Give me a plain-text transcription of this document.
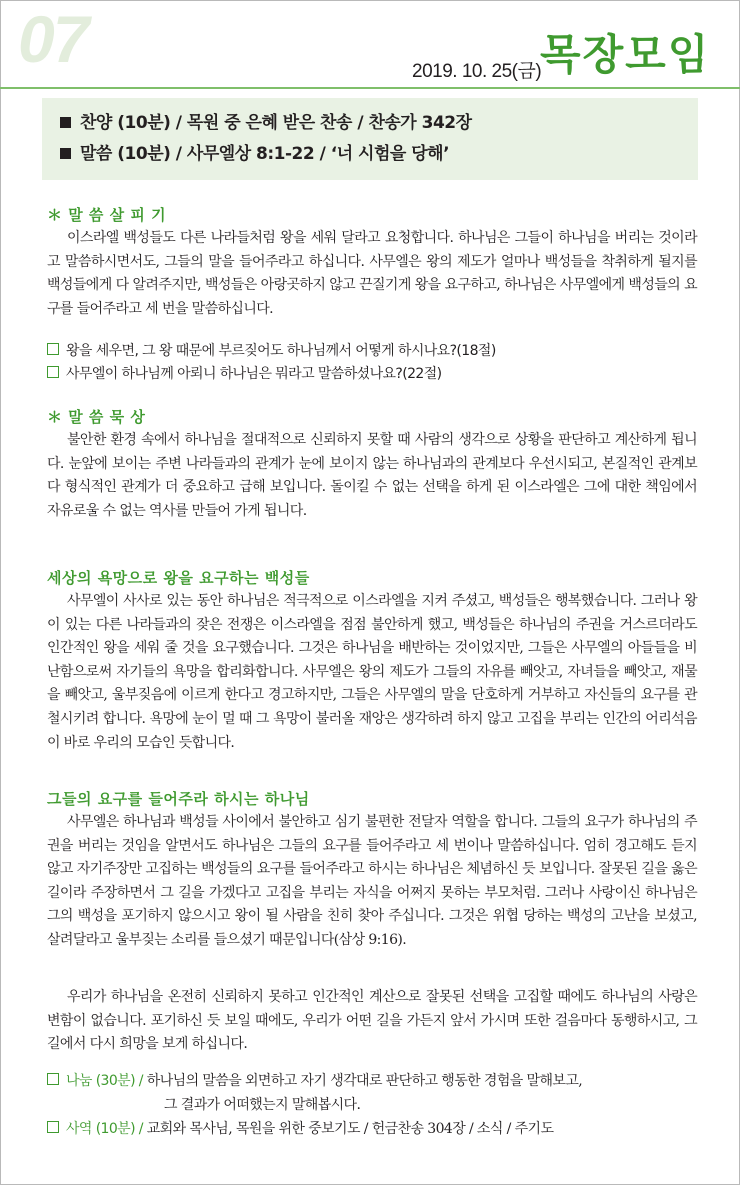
07	2019. 10. 25(금)
목장모임
찬양 (10분) / 목원 중 은혜 받은 찬송 / 찬송가 342장
말씀 (10분) / 사무엘상 8:1-22 / ‘너 시험을 당해’
＊ 말 씀 살 피 기

이스라엘 백성들도 다른 나라들처럼 왕을 세워 달라고 요청합니다. 하나님은 그들이 하나님을 버리는 것이라고 말씀하시면서도, 그들의 말을 들어주라고 하십니다. 사무엘은 왕의 제도가 얼마나 백성들을 착취하게 될지를 백성들에게 다 알려주지만, 백성들은 아랑곳하지 않고 끈질기게 왕을 요구하고, 하나님은 사무엘에게 백성들의 요구를 들어주라고 세 번을 말씀하십니다.

왕을 세우면, 그 왕 때문에 부르짖어도 하나님께서 어떻게 하시나요?(18절)
사무엘이 하나님께 아뢰니 하나님은 뭐라고 말씀하셨나요?(22절)
＊ 말 씀 묵 상

불안한 환경 속에서 하나님을 절대적으로 신뢰하지 못할 때 사람의 생각으로 상황을 판단하고 계산하게 됩니다. 눈앞에 보이는 주변 나라들과의 관계가 눈에 보이지 않는 하나님과의 관계보다 우선시되고, 본질적인 관계보다 형식적인 관계가 더 중요하고 급해 보입니다. 돌이킬 수 없는 선택을 하게 된 이스라엘은 그에 대한 책임에서 자유로울 수 없는 역사를 만들어 가게 됩니다.

세상의 욕망으로 왕을 요구하는 백성들

사무엘이 사사로 있는 동안 하나님은 적극적으로 이스라엘을 지켜 주셨고, 백성들은 행복했습니다. 그러나 왕이 있는 다른 나라들과의 잦은 전쟁은 이스라엘을 점점 불안하게 했고, 백성들은 하나님의 주권을 거스르더라도 인간적인 왕을 세워 줄 것을 요구했습니다. 그것은 하나님을 배반하는 것이었지만, 그들은 사무엘의 아들들을 비난함으로써 자기들의 욕망을 합리화합니다. 사무엘은 왕의 제도가 그들의 자유를 빼앗고, 자녀들을 빼앗고, 재물을 빼앗고, 울부짖음에 이르게 한다고 경고하지만, 그들은 사무엘의 말을 단호하게 거부하고 자신들의 요구를 관철시키려 합니다. 욕망에 눈이 멀 때 그 욕망이 불러올 재앙은 생각하려 하지 않고 고집을 부리는 인간의 어리석음이 바로 우리의 모습인 듯합니다.

그들의 요구를 들어주라 하시는 하나님

사무엘은 하나님과 백성들 사이에서 불안하고 심기 불편한 전달자 역할을 합니다. 그들의 요구가 하나님의 주권을 버리는 것임을 알면서도 하나님은 그들의 요구를 들어주라고 세 번이나 말씀하십니다. 엄히 경고해도 듣지 않고 자기주장만 고집하는 백성들의 요구를 들어주라고 하시는 하나님은 체념하신 듯 보입니다. 잘못된 길을 옳은 길이라 주장하면서 그 길을 가겠다고 고집을 부리는 자식을 어쩌지 못하는 부모처럼. 그러나 사랑이신 하나님은 그의 백성을 포기하지 않으시고 왕이 될 사람을 친히 찾아 주십니다. 그것은 위협 당하는 백성의 고난을 보셨고, 살려달라고 울부짖는 소리를 들으셨기 때문입니다(삼상 9:16).

우리가 하나님을 온전히 신뢰하지 못하고 인간적인 계산으로 잘못된 선택을 고집할 때에도 하나님의 사랑은 변함이 없습니다. 포기하신 듯 보일 때에도, 우리가 어떤 길을 가든지 앞서 가시며 또한 걸음마다 동행하시고, 그 길에서 다시 희망을 보게 하십니다.

나눔 (30분) / 하나님의 말씀을 외면하고 자기 생각대로 판단하고 행동한 경험을 말해보고,
그 결과가 어떠했는지 말해봅시다.
사역 (10분) / 교회와 목사님, 목원을 위한 중보기도 / 헌금찬송 304장 / 소식 / 주기도
